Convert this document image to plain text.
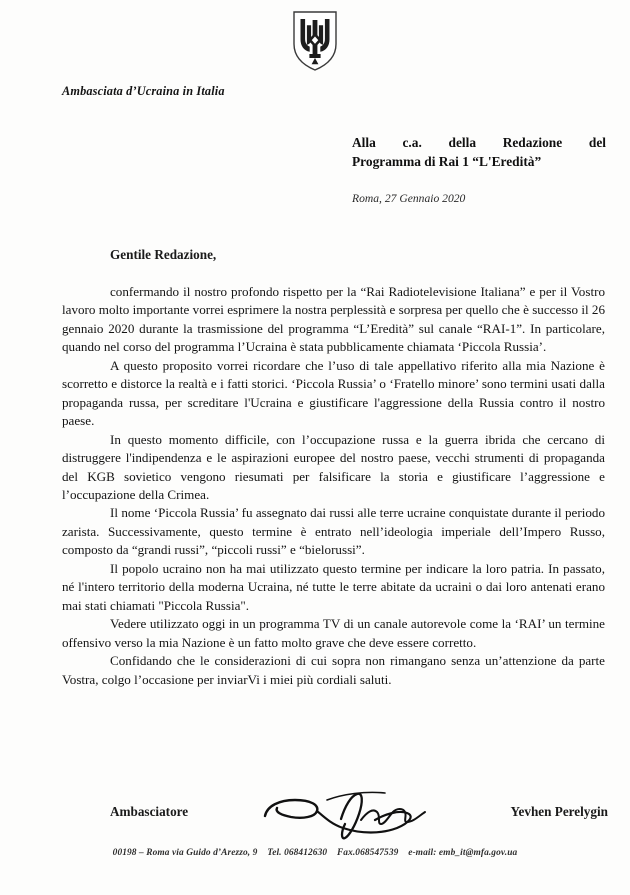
Ambasciata d’Ucraina in Italia
Alla c.a. della Redazione del
Programma di Rai 1 “L'Eredità”
Roma, 27 Gennaio 2020
Gentile Redazione,

confermando il nostro profondo rispetto per la “Rai Radiotelevisione Italiana” e per il Vostro lavoro molto importante vorrei esprimere la nostra perplessità e sorpresa per quello che è successo il 26 gennaio 2020 durante la trasmissione del programma “L’Eredità” sul canale “RAI-1”. In particolare, quando nel corso del programma l’Ucraina è stata pubblicamente chiamata ‘Piccola Russia’.

A questo proposito vorrei ricordare che l’uso di tale appellativo riferito alla mia Nazione è scorretto e distorce la realtà e i fatti storici. ‘Piccola Russia’ o ‘Fratello minore’ sono termini usati dalla propaganda russa, per screditare l'Ucraina e giustificare l'aggressione della Russia contro il nostro paese.

In questo momento difficile, con l’occupazione russa e la guerra ibrida che cercano di distruggere l'indipendenza e le aspirazioni europee del nostro paese, vecchi strumenti di propaganda del KGB sovietico vengono riesumati per falsificare la storia e giustificare l’aggressione e l’occupazione della Crimea.

Il nome ‘Piccola Russia’ fu assegnato dai russi alle terre ucraine conquistate durante il periodo zarista. Successivamente, questo termine è entrato nell’ideologia imperiale dell’Impero Russo, composto da “grandi russi”, “piccoli russi” e “bielorussi”.

Il popolo ucraino non ha mai utilizzato questo termine per indicare la loro patria. In passato, né l'intero territorio della moderna Ucraina, né tutte le terre abitate da ucraini o dai loro antenati erano mai stati chiamati "Piccola Russia".

Vedere utilizzato oggi in un programma TV di un canale autorevole come la ‘RAI’ un termine offensivo verso la mia Nazione è un fatto molto grave che deve essere corretto.

Confidando che le considerazioni di cui sopra non rimangano senza un’attenzione da parte Vostra, colgo l’occasione per inviarVi i miei più cordiali saluti.

Ambasciatore	Yevhen Perelygin
00198 – Roma via Guido d’Arezzo, 9 Tel. 068412630 Fax.068547539 e-mail: emb_it@mfa.gov.ua
